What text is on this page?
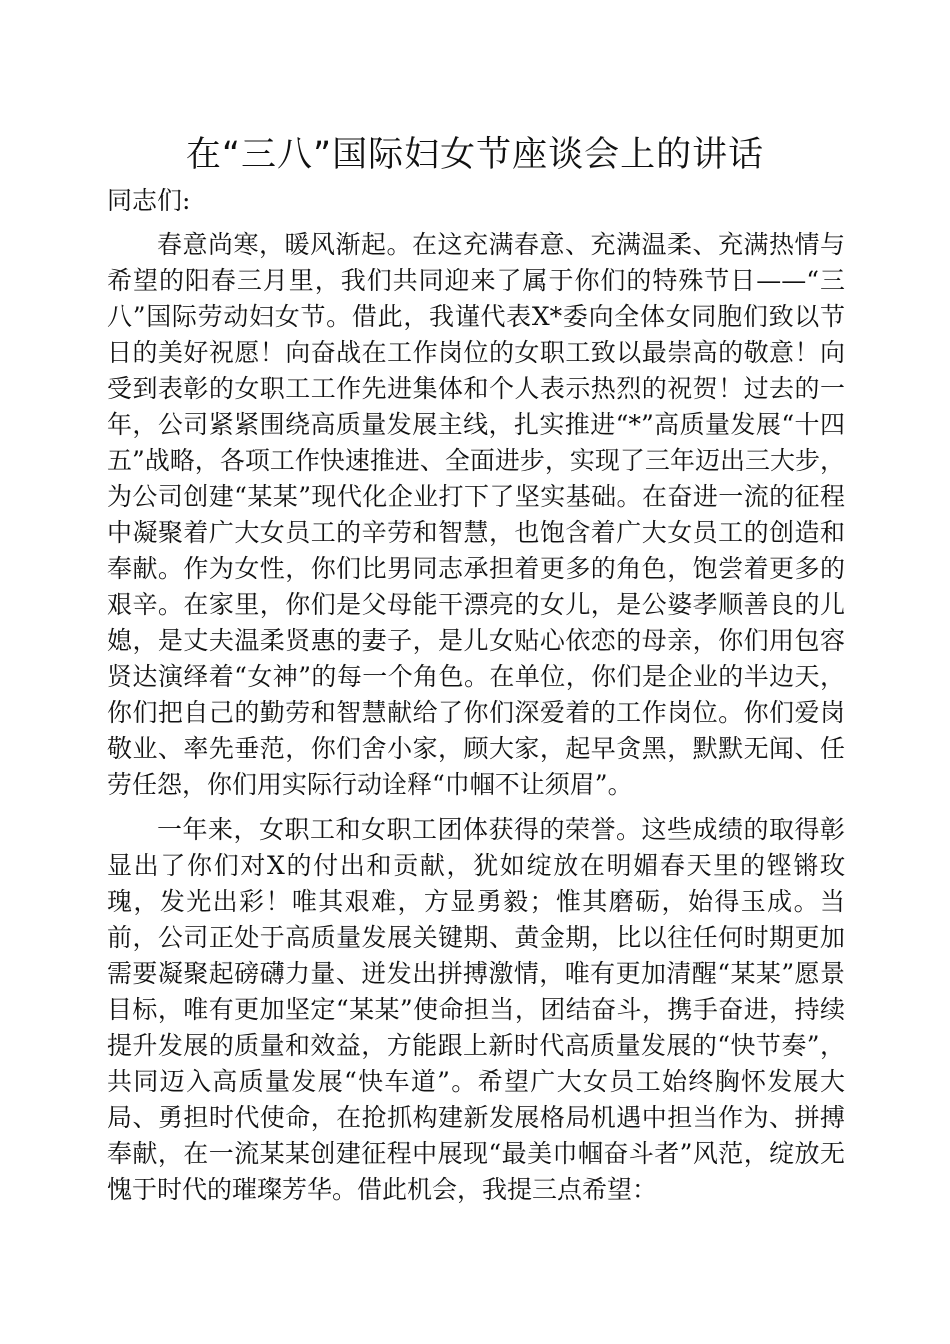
在“三八”国际妇女节座谈会上的讲话

同志们:

春意尚寒，暖风渐起。在这充满春意、充满温柔、充满热情与希望的阳春三月里，我们共同迎来了属于你们的特殊节日——“三八”国际劳动妇女节。借此，我谨代表X*委向全体女同胞们致以节日的美好祝愿！向奋战在工作岗位的女职工致以最崇高的敬意！向受到表彰的女职工工作先进集体和个人表示热烈的祝贺！过去的一年，公司紧紧围绕高质量发展主线，扎实推进“*”高质量发展“十四五”战略，各项工作快速推进、全面进步，实现了三年迈出三大步，为公司创建“某某”现代化企业打下了坚实基础。在奋进一流的征程中凝聚着广大女员工的辛劳和智慧，也饱含着广大女员工的创造和奉献。作为女性，你们比男同志承担着更多的角色，饱尝着更多的艰辛。在家里，你们是父母能干漂亮的女儿，是公婆孝顺善良的儿媳，是丈夫温柔贤惠的妻子，是儿女贴心依恋的母亲，你们用包容贤达演绎着“女神”的每一个角色。在单位，你们是企业的半边天，你们把自己的勤劳和智慧献给了你们深爱着的工作岗位。你们爱岗敬业、率先垂范，你们舍小家，顾大家，起早贪黑，默默无闻、任劳任怨，你们用实际行动诠释“巾帼不让须眉”。

一年来，女职工和女职工团体获得的荣誉。这些成绩的取得彰显出了你们对X的付出和贡献，犹如绽放在明媚春天里的铿锵玫瑰，发光出彩！唯其艰难，方显勇毅；惟其磨砺，始得玉成。当前，公司正处于高质量发展关键期、黄金期，比以往任何时期更加需要凝聚起磅礴力量、迸发出拼搏激情，唯有更加清醒“某某”愿景目标，唯有更加坚定“某某”使命担当，团结奋斗，携手奋进，持续提升发展的质量和效益，方能跟上新时代高质量发展的“快节奏”，共同迈入高质量发展“快车道”。希望广大女员工始终胸怀发展大局、勇担时代使命，在抢抓构建新发展格局机遇中担当作为、拼搏奉献，在一流某某创建征程中展现“最美巾帼奋斗者”风范，绽放无愧于时代的璀璨芳华。借此机会，我提三点希望：
